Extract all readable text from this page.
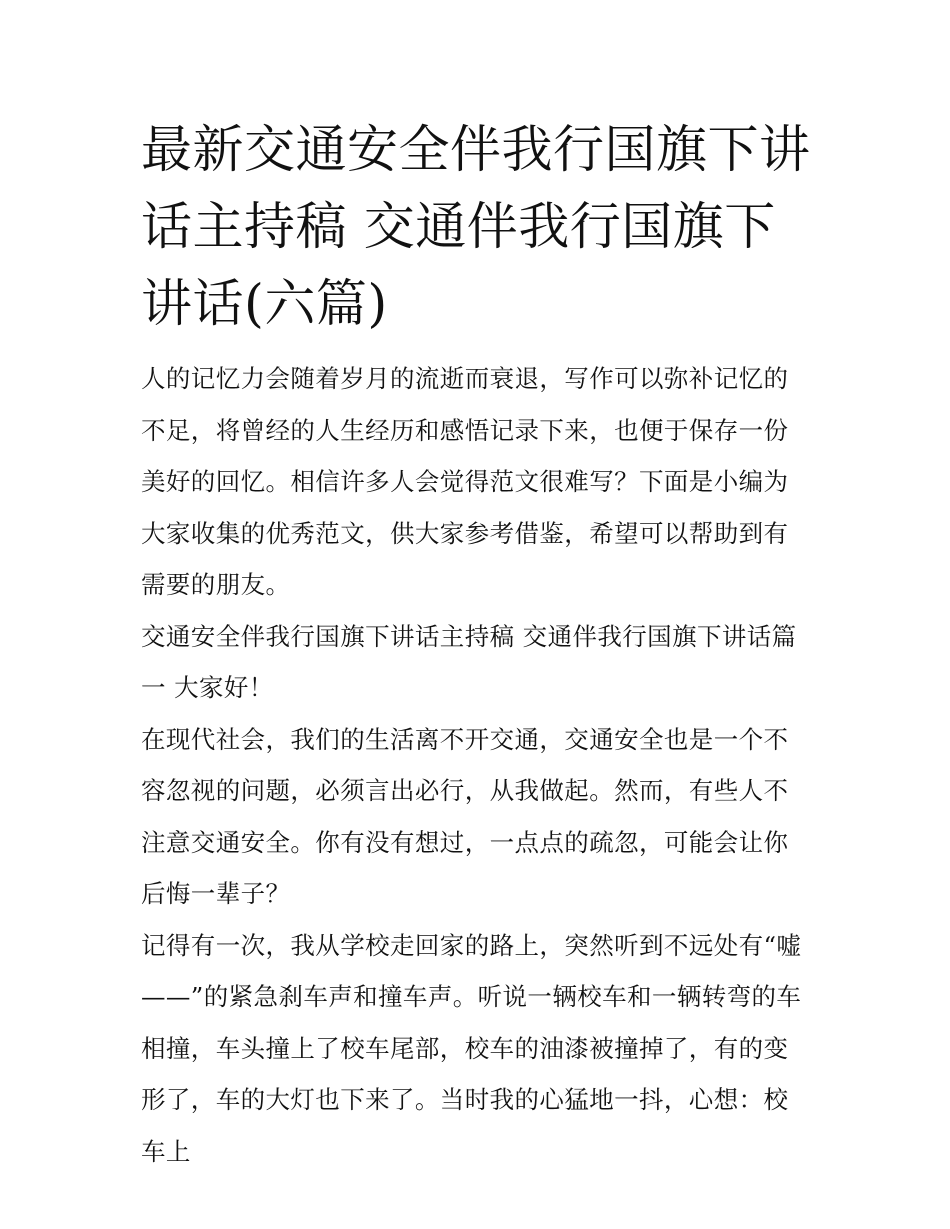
最新交通安全伴我行国旗下讲话主持稿 交通伴我行国旗下讲话(六篇)

人的记忆力会随着岁月的流逝而衰退，写作可以弥补记忆的不足，将曾经的人生经历和感悟记录下来，也便于保存一份美好的回忆。相信许多人会觉得范文很难写？下面是小编为大家收集的优秀范文，供大家参考借鉴，希望可以帮助到有需要的朋友。

交通安全伴我行国旗下讲话主持稿 交通伴我行国旗下讲话篇一 大家好！

在现代社会，我们的生活离不开交通，交通安全也是一个不容忽视的问题，必须言出必行，从我做起。然而，有些人不注意交通安全。你有没有想过，一点点的疏忽，可能会让你后悔一辈子？

记得有一次，我从学校走回家的路上，突然听到不远处有“嘘——”的紧急刹车声和撞车声。听说一辆校车和一辆转弯的车相撞，车头撞上了校车尾部，校车的油漆被撞掉了，有的变形了，车的大灯也下来了。当时我的心猛地一抖，心想：校车上
